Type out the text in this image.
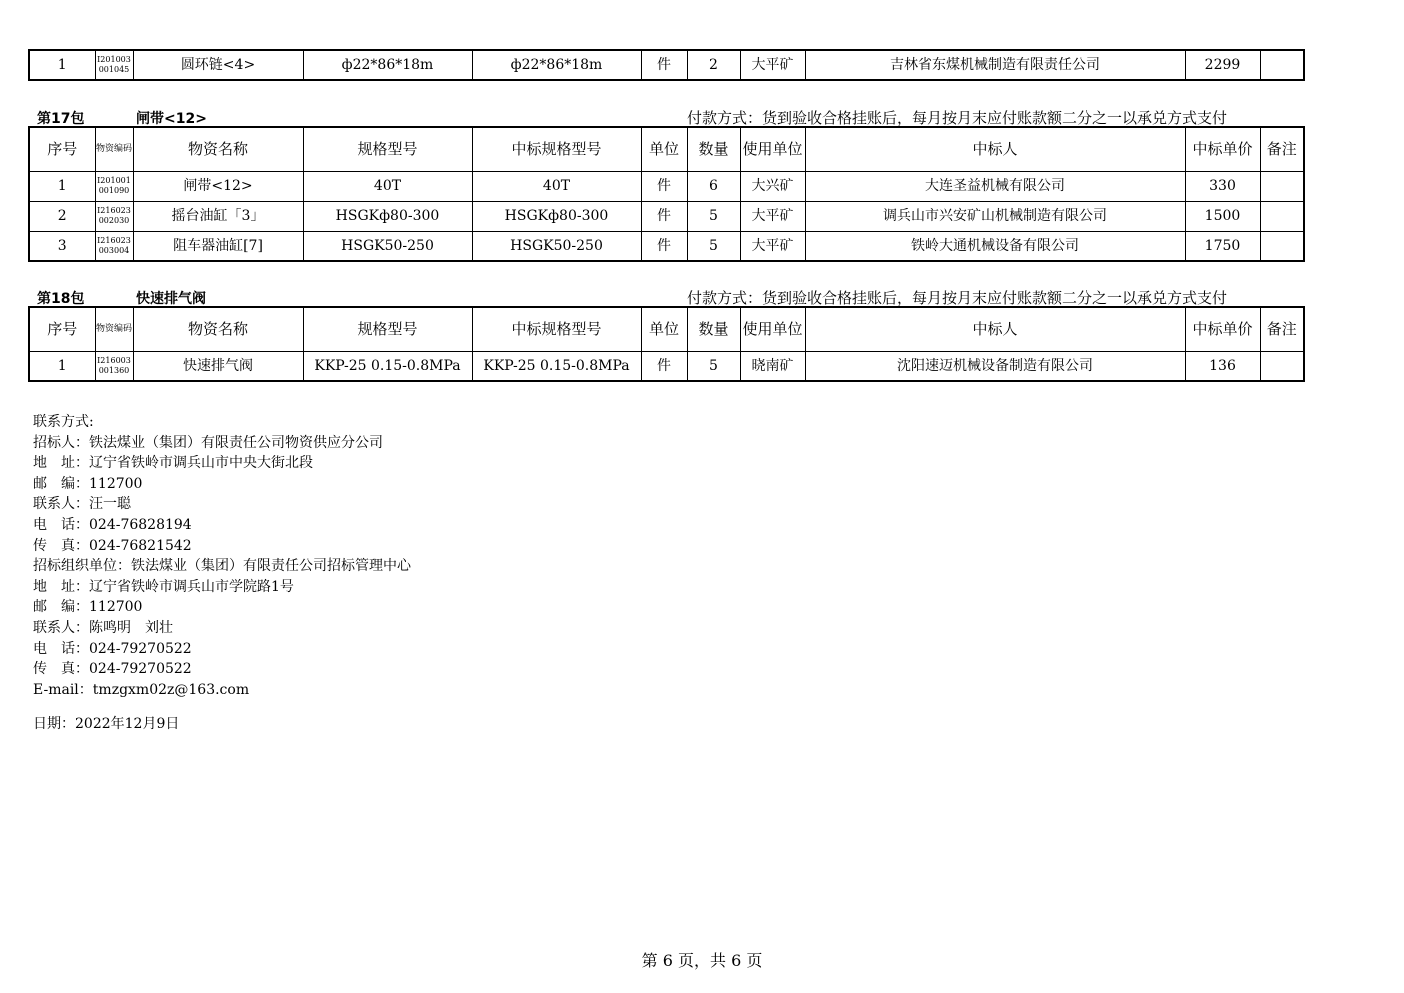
1	I201003 001045	圆环链<4>	ф22*86*18m	ф22*86*18m	件	2	大平矿	吉林省东煤机械制造有限责任公司	2299	
第17包	闸带<12>	付款方式：货到验收合格挂账后，每月按月末应付账款额二分之一以承兑方式支付
序号	物资编码	物资名称	规格型号	中标规格型号	单位	数量	使用单位	中标人	中标单价	备注
1	I201001 001090	闸带<12>	40T	40T	件	6	大兴矿	大连圣益机械有限公司	330	
2	I216023 002030	摇台油缸「3」	HSGKф80-300	HSGKф80-300	件	5	大平矿	调兵山市兴安矿山机械制造有限公司	1500	
3	I216023 003004	阻车器油缸[7]	HSGK50-250	HSGK50-250	件	5	大平矿	铁岭大通机械设备有限公司	1750	
第18包	快速排气阀	付款方式：货到验收合格挂账后，每月按月末应付账款额二分之一以承兑方式支付
序号	物资编码	物资名称	规格型号	中标规格型号	单位	数量	使用单位	中标人	中标单价	备注
1	I216003 001360	快速排气阀	KKP-25 0.15-0.8MPa	KKP-25 0.15-0.8MPa	件	5	晓南矿	沈阳速迈机械设备制造有限公司	136	
联系方式:
招标人：铁法煤业（集团）有限责任公司物资供应分公司
地　址：辽宁省铁岭市调兵山市中央大街北段
邮　编：112700
联系人：汪一聪
电　话：024-76828194
传　真：024-76821542
招标组织单位：铁法煤业（集团）有限责任公司招标管理中心
地　址：辽宁省铁岭市调兵山市学院路1号
邮　编：112700
联系人：陈鸣明　刘壮
电　话：024-79270522
传　真：024-79270522
E-mail：tmzgxm02z@163.com
日期：2022年12月9日
第 6 页，共 6 页
